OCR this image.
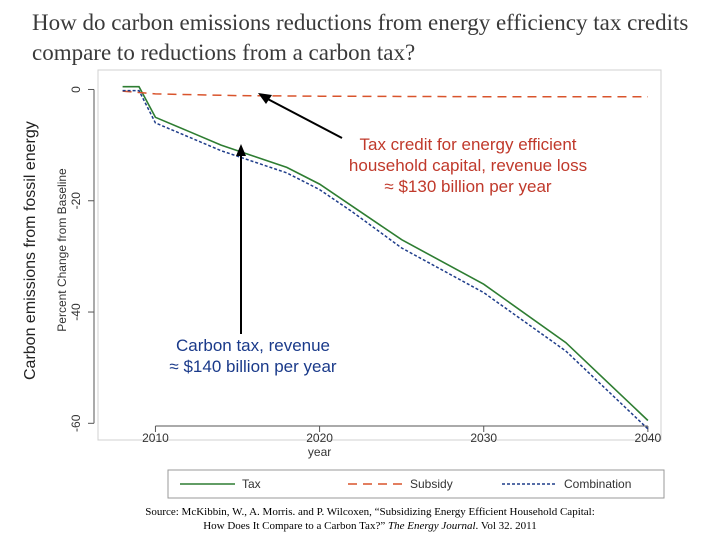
How do carbon emissions reductions from energy efficiency tax credits compare to reductions from a carbon tax?
Carbon emissions from fossil energy
0
-20
-40
-60
Percent Change from Baseline
2010	2020	2030	2040
year
Tax	Subsidy	Combination
Tax credit for energy efficient
household capital, revenue loss
≈ $130 billion per year
Carbon tax, revenue
≈ $140 billion per year
Source: McKibbin, W., A. Morris. and P. Wilcoxen, “Subsidizing Energy Efficient Household Capital:
How Does It Compare to a Carbon Tax?” The Energy Journal. Vol 32. 2011
